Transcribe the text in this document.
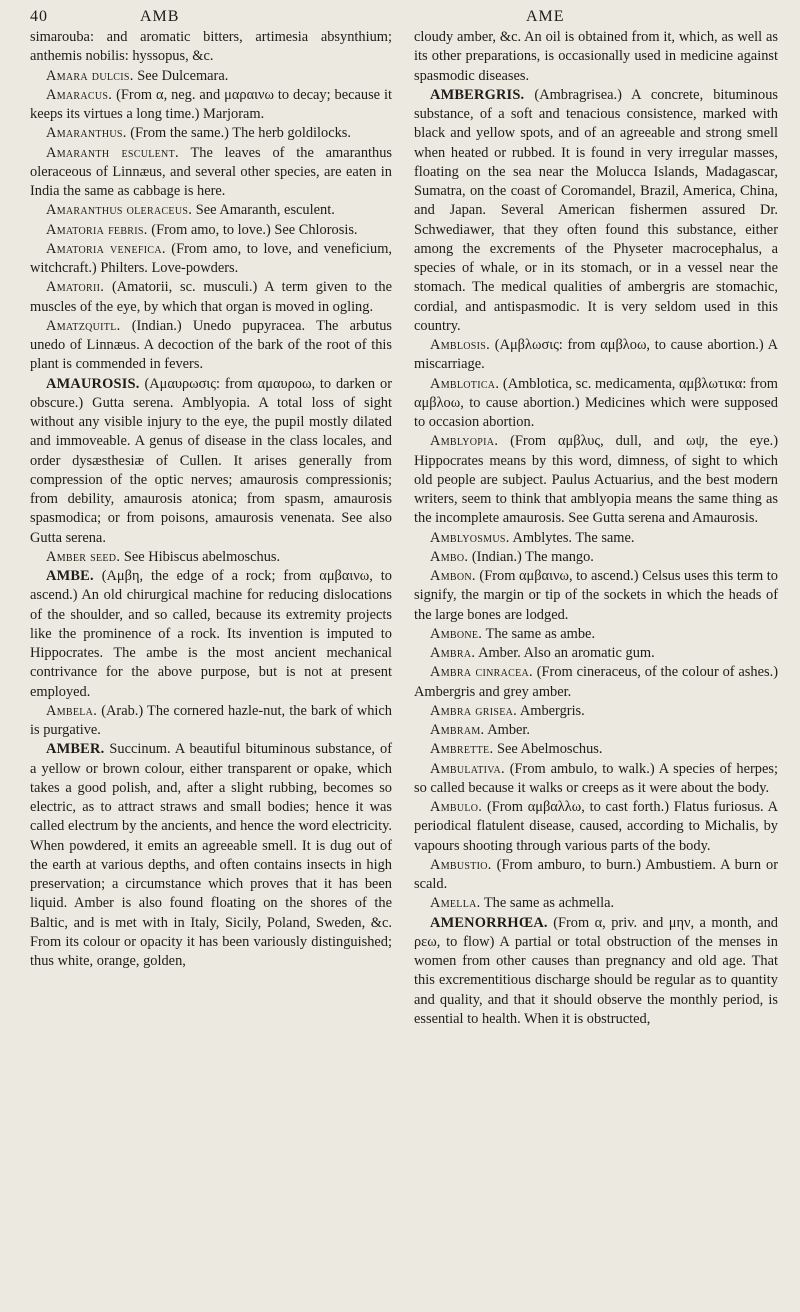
40	AMB	AME

simarouba: and aromatic bitters, artimesia absynthium; anthemis nobilis: hyssopus, &c.

Amara dulcis. See Dulcemara.

Amaracus. (From α, neg. and μαραινω to decay; because it keeps its virtues a long time.) Marjoram.

Amaranthus. (From the same.) The herb goldilocks.

Amaranth esculent. The leaves of the amaranthus oleraceous of Linnæus, and several other species, are eaten in India the same as cabbage is here.

Amaranthus oleraceus. See Amaranth, esculent.

Amatoria febris. (From amo, to love.) See Chlorosis.

Amatoria venefica. (From amo, to love, and veneficium, witchcraft.) Philters. Love-powders.

Amatorii. (Amatorii, sc. musculi.) A term given to the muscles of the eye, by which that organ is moved in ogling.

Amatzquitl. (Indian.) Unedo pupyracea. The arbutus unedo of Linnæus. A decoction of the bark of the root of this plant is commended in fevers.

AMAUROSIS. (Αμαυρωσις: from αμαυροω, to darken or obscure.) Gutta serena. Amblyopia. A total loss of sight without any visible injury to the eye, the pupil mostly dilated and immoveable. A genus of disease in the class locales, and order dysæsthesiæ of Cullen. It arises generally from compression of the optic nerves; amaurosis compressionis; from debility, amaurosis atonica; from spasm, amaurosis spasmodica; or from poisons, amaurosis venenata. See also Gutta serena.

Amber seed. See Hibiscus abelmoschus.

AMBE. (Αμβη, the edge of a rock; from αμβαινω, to ascend.) An old chirurgical machine for reducing dislocations of the shoulder, and so called, because its extremity projects like the prominence of a rock. Its invention is imputed to Hippocrates. The ambe is the most ancient mechanical contrivance for the above purpose, but is not at present employed.

Ambela. (Arab.) The cornered hazle-nut, the bark of which is purgative.

AMBER. Succinum. A beautiful bituminous substance, of a yellow or brown colour, either transparent or opake, which takes a good polish, and, after a slight rubbing, becomes so electric, as to attract straws and small bodies; hence it was called electrum by the ancients, and hence the word electricity. When powdered, it emits an agreeable smell. It is dug out of the earth at various depths, and often contains insects in high preservation; a circumstance which proves that it has been liquid. Amber is also found floating on the shores of the Baltic, and is met with in Italy, Sicily, Poland, Sweden, &c. From its colour or opacity it has been variously distinguished; thus white, orange, golden,

cloudy amber, &c. An oil is obtained from it, which, as well as its other preparations, is occasionally used in medicine against spasmodic diseases.

AMBERGRIS. (Ambragrisea.) A concrete, bituminous substance, of a soft and tenacious consistence, marked with black and yellow spots, and of an agreeable and strong smell when heated or rubbed. It is found in very irregular masses, floating on the sea near the Molucca Islands, Madagascar, Sumatra, on the coast of Coromandel, Brazil, America, China, and Japan. Several American fishermen assured Dr. Schwediawer, that they often found this substance, either among the excrements of the Physeter macrocephalus, a species of whale, or in its stomach, or in a vessel near the stomach. The medical qualities of ambergris are stomachic, cordial, and antispasmodic. It is very seldom used in this country.

Amblosis. (Αμβλωσις: from αμβλοω, to cause abortion.) A miscarriage.

Amblotica. (Amblotica, sc. medicamenta, αμβλωτικα: from αμβλοω, to cause abortion.) Medicines which were supposed to occasion abortion.

Amblyopia. (From αμβλυς, dull, and ωψ, the eye.) Hippocrates means by this word, dimness, of sight to which old people are subject. Paulus Actuarius, and the best modern writers, seem to think that amblyopia means the same thing as the incomplete amaurosis. See Gutta serena and Amaurosis.

Amblyosmus. Amblytes. The same.

Ambo. (Indian.) The mango.

Ambon. (From αμβαινω, to ascend.) Celsus uses this term to signify, the margin or tip of the sockets in which the heads of the large bones are lodged.

Ambone. The same as ambe.

Ambra. Amber. Also an aromatic gum.

Ambra cinracea. (From cineraceus, of the colour of ashes.) Ambergris and grey amber.

Ambra grisea. Ambergris.

Ambram. Amber.

Ambrette. See Abelmoschus.

Ambulativa. (From ambulo, to walk.) A species of herpes; so called because it walks or creeps as it were about the body.

Ambulo. (From αμβαλλω, to cast forth.) Flatus furiosus. A periodical flatulent disease, caused, according to Michalis, by vapours shooting through various parts of the body.

Ambustio. (From amburo, to burn.) Ambustiem. A burn or scald.

Amella. The same as achmella.

AMENORRHŒA. (From α, priv. and μην, a month, and ρεω, to flow) A partial or total obstruction of the menses in women from other causes than pregnancy and old age. That this excrementitious discharge should be regular as to quantity and quality, and that it should observe the monthly period, is essential to health. When it is obstructed,
